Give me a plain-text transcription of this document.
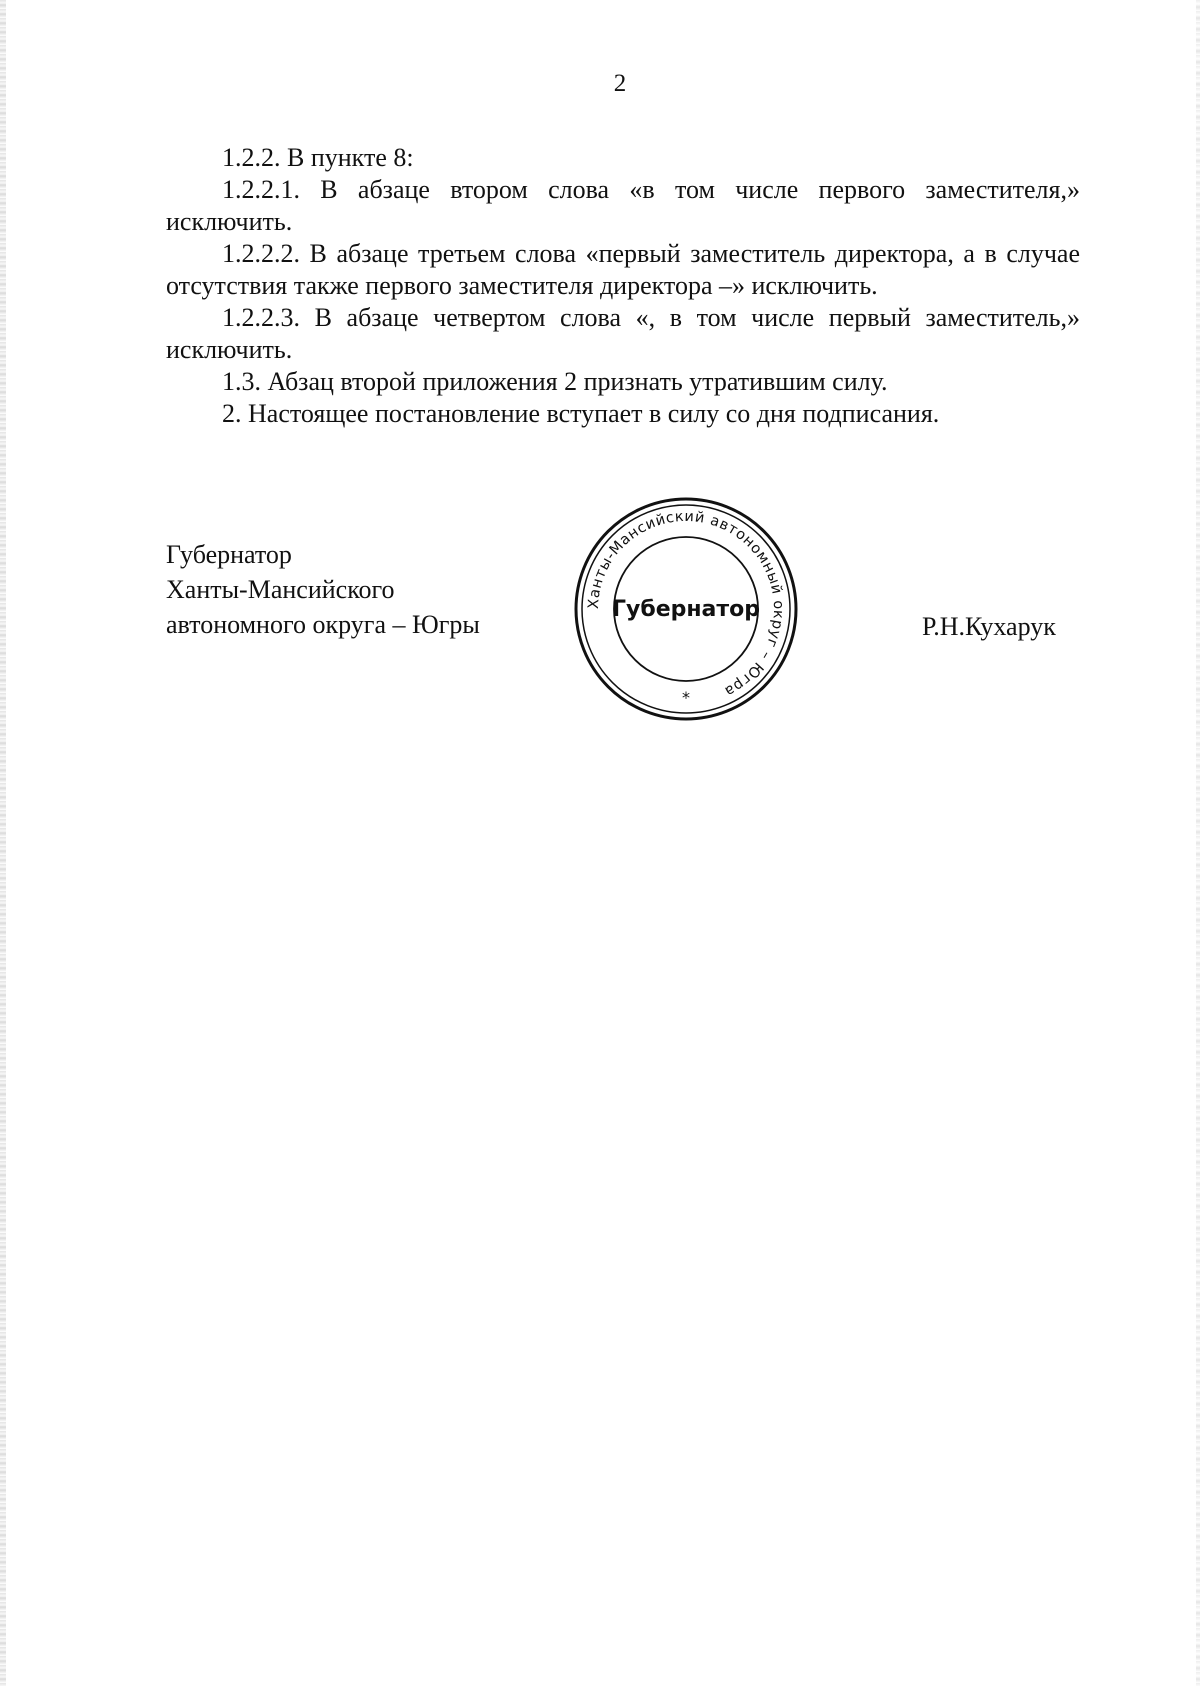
2

1.2.2. В пункте 8:

1.2.2.1. В абзаце втором слова «в том числе первого заместителя,» исключить.

1.2.2.2. В абзаце третьем слова «первый заместитель директора, а в случае отсутствия также первого заместителя директора –» исключить.

1.2.2.3. В абзаце четвертом слова «, в том числе первый заместитель,» исключить.

1.3. Абзац второй приложения 2 признать утратившим силу.

2. Настоящее постановление вступает в силу со дня подписания.

Губернатор
Ханты-Мансийского
автономного округа – Югры
Ханты-Мансийский автономный округ – Югра
Губернатор
*
Р.Н.Кухарук
